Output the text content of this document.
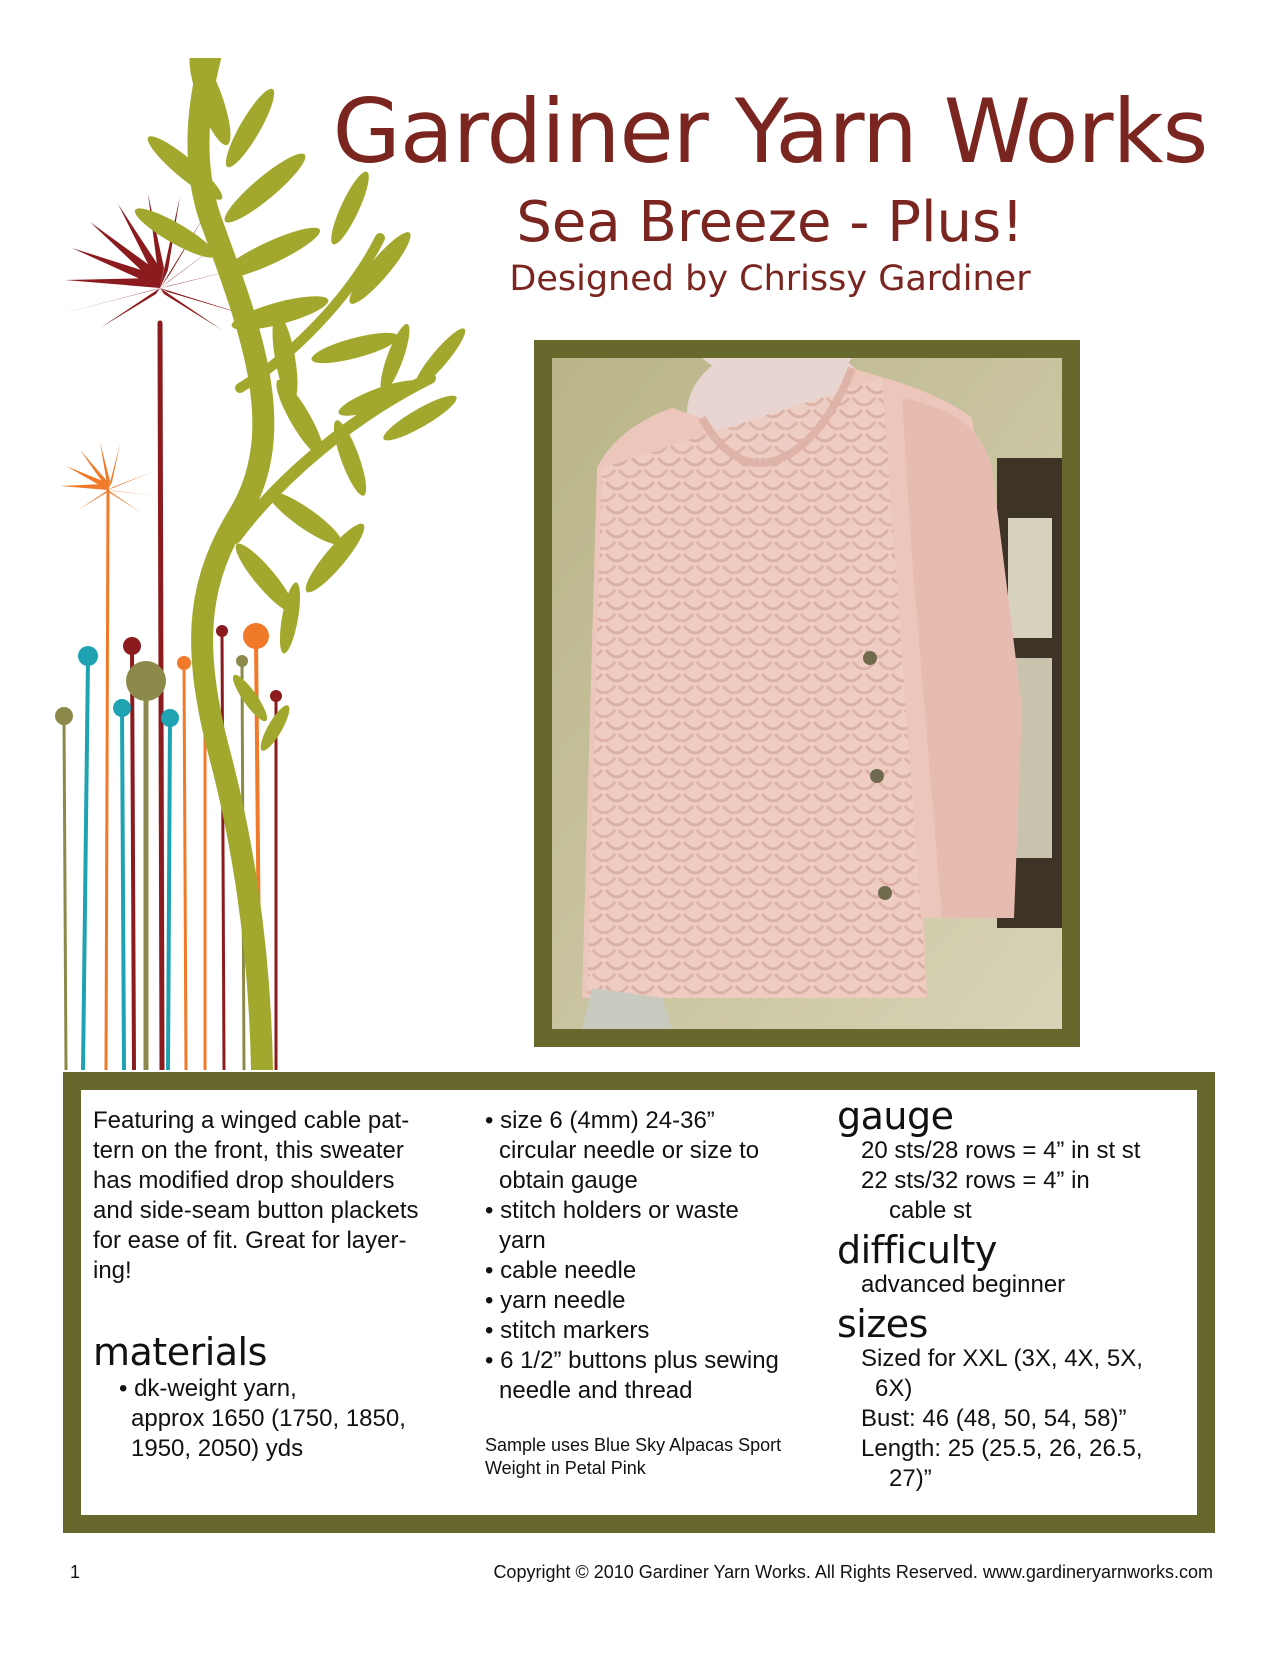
Gardiner Yarn Works
Sea Breeze - Plus!
Designed by Chrissy Gardiner
Featuring a winged cable pat-
tern on the front, this sweater
has modified drop shoulders
and side-seam button plackets
for ease of fit. Great for layer-
ing!
materials
• dk-weight yarn,
approx 1650 (1750, 1850,
1950, 2050) yds
• size 6 (4mm) 24-36”
circular needle or size to
obtain gauge
• stitch holders or waste
yarn
• cable needle
• yarn needle
• stitch markers
• 6 1/2” buttons plus sewing
needle and thread
Sample uses Blue Sky Alpacas Sport
Weight in Petal Pink
gauge
20 sts/28 rows = 4” in st st
22 sts/32 rows = 4” in
cable st
difficulty
advanced beginner
sizes
Sized for XXL (3X, 4X, 5X,
6X)
Bust: 46 (48, 50, 54, 58)”
Length: 25 (25.5, 26, 26.5,
27)”
1	Copyright © 2010 Gardiner Yarn Works. All Rights Reserved. www.gardineryarnworks.com
